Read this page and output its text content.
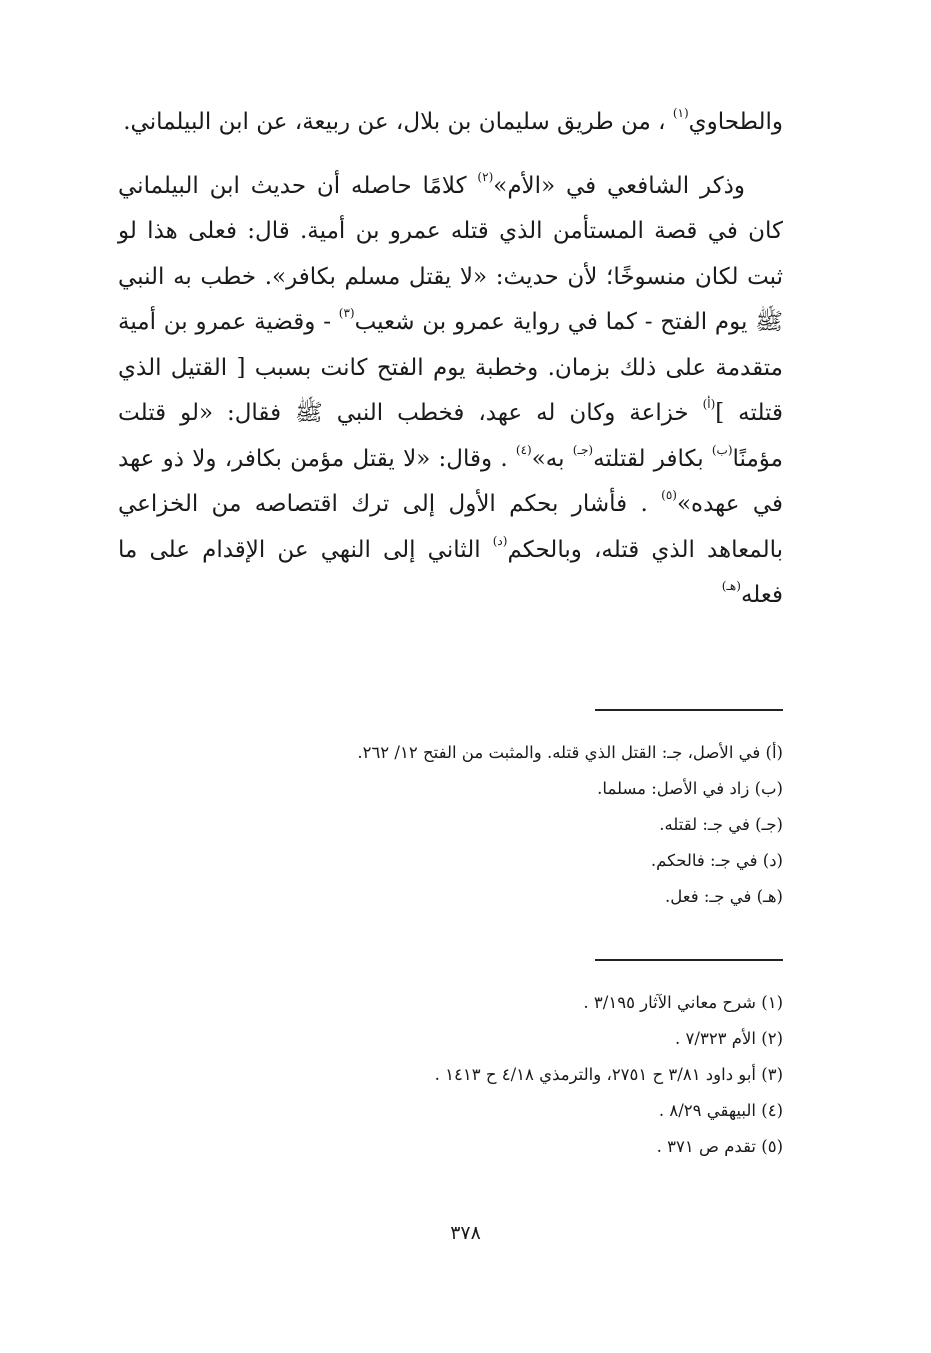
والطحاوي$^{(١)}$ ، من طريق سليمان بن بلال، عن ربيعة، عن ابن البيلماني.

وذكر الشافعي في «الأم»$^{(٢)}$ كلامًا حاصله أن حديث ابن البيلماني كان في قصة المستأمن الذي قتله عمرو بن أمية. قال: فعلى هذا لو ثبت لكان منسوخًا؛ لأن حديث: «لا يقتل مسلم بكافر». خطب به النبي ﷺ يوم الفتح - كما في رواية عمرو بن شعيب$^{(٣)}$ - وقضية عمرو بن أمية متقدمة على ذلك بزمان. وخطبة يوم الفتح كانت بسبب [ القتيل الذي قتلته ]$^{(أ)}$ خزاعة وكان له عهد، فخطب النبي ﷺ فقال: «لو قتلت مؤمنًا$^{(ب)}$ بكافر لقتلته$^{(جـ)}$ به»$^{(٤)}$ . وقال: «لا يقتل مؤمن بكافر، ولا ذو عهد في عهده»$^{(٥)}$ . فأشار بحكم الأول إلى ترك اقتصاصه من الخزاعي بالمعاهد الذي قتله، وبالحكم$^{(د)}$ الثاني إلى النهي عن الإقدام على ما فعله$^{(هـ)}$

(أ) في الأصل، جـ: القتل الذي قتله. والمثبت من الفتح ١٢/ ٢٦٢.
(ب) زاد في الأصل: مسلما.
(جـ) في جـ: لقتله.
(د) في جـ: فالحكم.
(هـ) في جـ: فعل.
(١) شرح معاني الآثار ٣/١٩٥ .
(٢) الأم ٧/٣٢٣ .
(٣) أبو داود ٣/٨١ ح ٢٧٥١، والترمذي ٤/١٨ ح ١٤١٣ .
(٤) البيهقي ٨/٢٩ .
(٥) تقدم ص ٣٧١ .
٣٧٨
